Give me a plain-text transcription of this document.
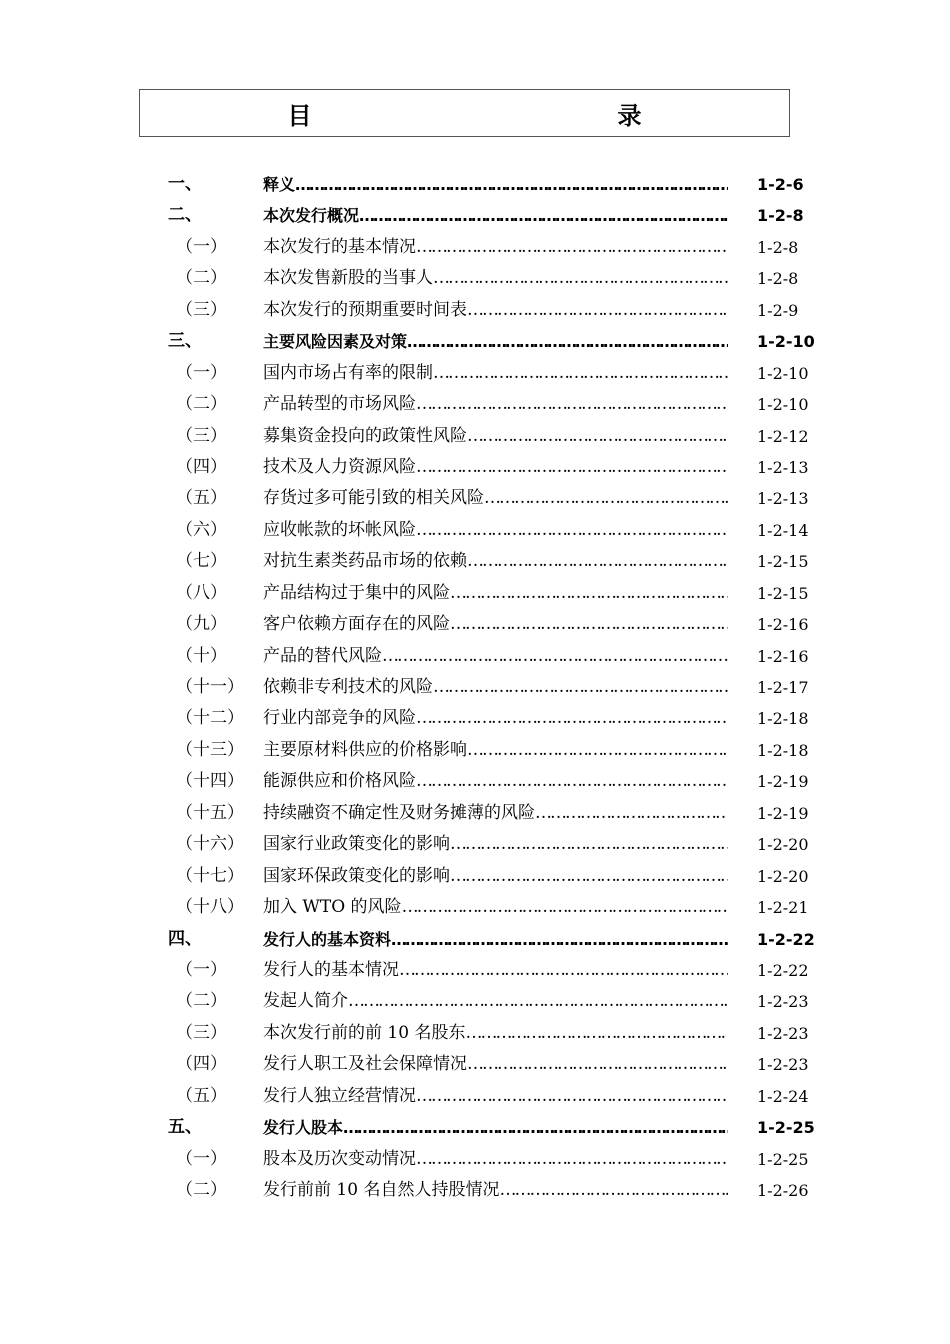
目　　录
一、	释义 …………………………………………………………………………………………………………………………………	1-2-6
二、	本次发行概况 …………………………………………………………………………………………………………………………………	1-2-8
（一） 本次发行的基本情况 …………………………………………………………………………………………………………………………………	1-2-8
（二） 本次发售新股的当事人 …………………………………………………………………………………………………………………………………	1-2-8
（三） 本次发行的预期重要时间表 …………………………………………………………………………………………………………………………………	1-2-9
三、	主要风险因素及对策 …………………………………………………………………………………………………………………………………	1-2-10
（一） 国内市场占有率的限制 …………………………………………………………………………………………………………………………………	1-2-10
（二） 产品转型的市场风险 …………………………………………………………………………………………………………………………………	1-2-10
（三） 募集资金投向的政策性风险 …………………………………………………………………………………………………………………………………	1-2-12
（四） 技术及人力资源风险 …………………………………………………………………………………………………………………………………	1-2-13
（五） 存货过多可能引致的相关风险 …………………………………………………………………………………………………………………………………	1-2-13
（六） 应收帐款的坏帐风险 …………………………………………………………………………………………………………………………………	1-2-14
（七） 对抗生素类药品市场的依赖 …………………………………………………………………………………………………………………………………	1-2-15
（八） 产品结构过于集中的风险 …………………………………………………………………………………………………………………………………	1-2-15
（九） 客户依赖方面存在的风险 …………………………………………………………………………………………………………………………………	1-2-16
（十） 产品的替代风险 …………………………………………………………………………………………………………………………………	1-2-16
（十一） 依赖非专利技术的风险 …………………………………………………………………………………………………………………………………	1-2-17
（十二） 行业内部竞争的风险 …………………………………………………………………………………………………………………………………	1-2-18
（十三） 主要原材料供应的价格影响 …………………………………………………………………………………………………………………………………	1-2-18
（十四） 能源供应和价格风险 …………………………………………………………………………………………………………………………………	1-2-19
（十五） 持续融资不确定性及财务摊薄的风险 …………………………………………………………………………………………………………………………………	1-2-19
（十六） 国家行业政策变化的影响 …………………………………………………………………………………………………………………………………	1-2-20
（十七） 国家环保政策变化的影响 …………………………………………………………………………………………………………………………………	1-2-20
（十八） 加入 WTO 的风险 …………………………………………………………………………………………………………………………………	1-2-21
四、	发行人的基本资料 …………………………………………………………………………………………………………………………………	1-2-22
（一） 发行人的基本情况 …………………………………………………………………………………………………………………………………	1-2-22
（二） 发起人简介 …………………………………………………………………………………………………………………………………	1-2-23
（三） 本次发行前的前 10 名股东 …………………………………………………………………………………………………………………………………	1-2-23
（四） 发行人职工及社会保障情况 …………………………………………………………………………………………………………………………………	1-2-23
（五） 发行人独立经营情况 …………………………………………………………………………………………………………………………………	1-2-24
五、	发行人股本 …………………………………………………………………………………………………………………………………	1-2-25
（一） 股本及历次变动情况 …………………………………………………………………………………………………………………………………	1-2-25
（二） 发行前前 10 名自然人持股情况 …………………………………………………………………………………………………………………………………	1-2-26
